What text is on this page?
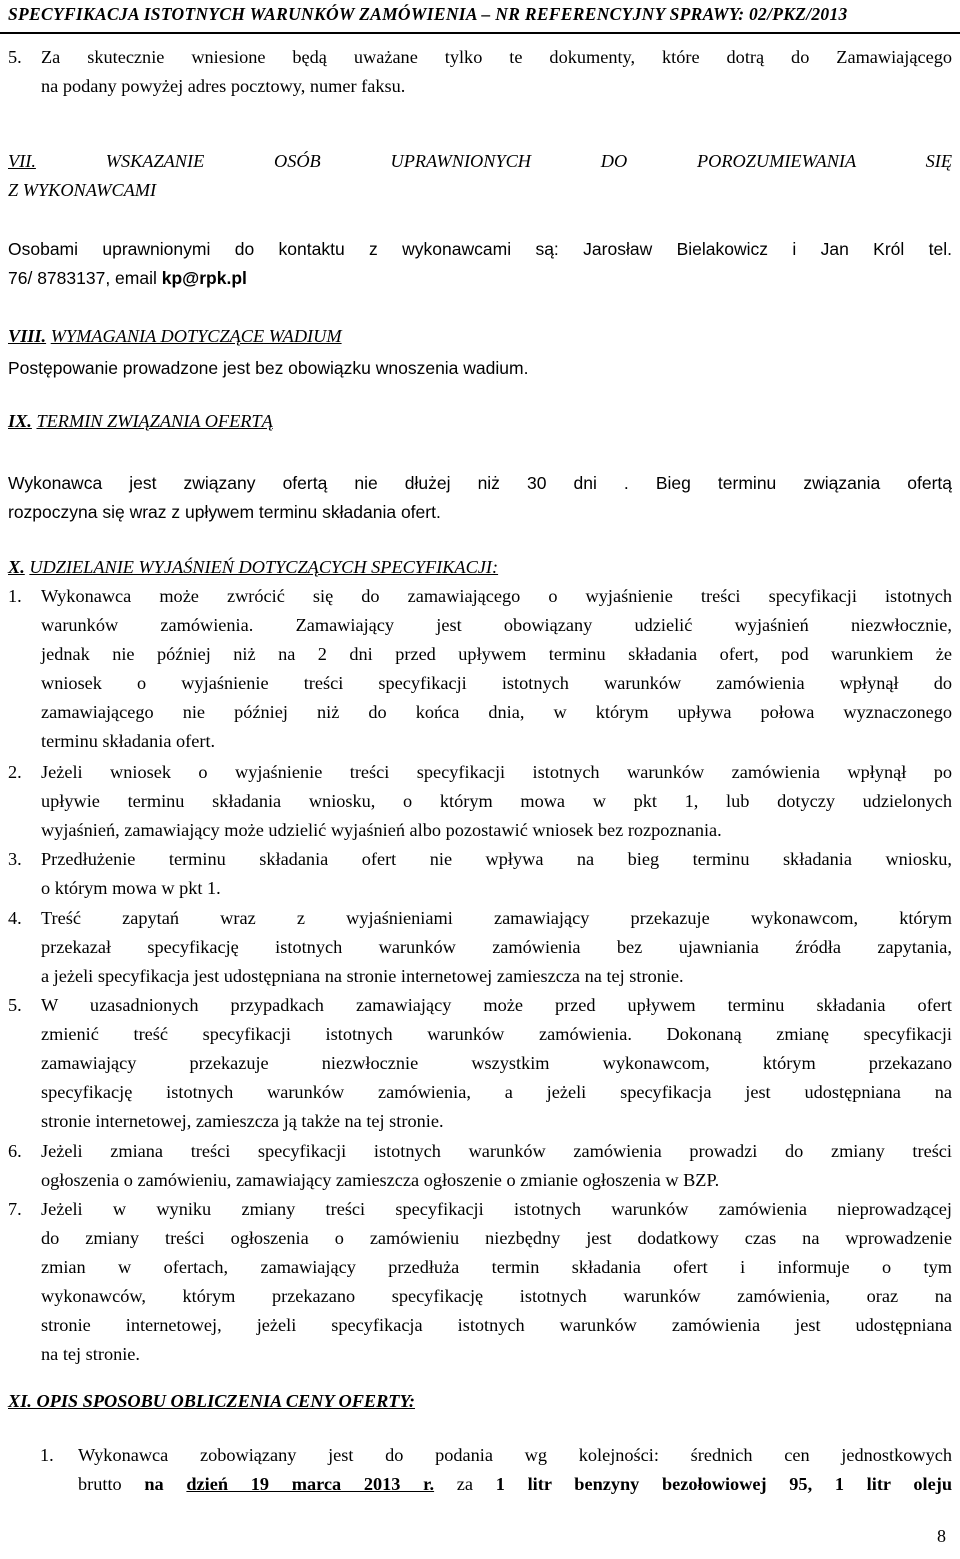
SPECYFIKACJA ISTOTNYCH WARUNKÓW ZAMÓWIENIA – NR REFERENCYJNY SPRAWY: 02/PKZ/2013
5. Za skutecznie wniesione będą uważane tylko te dokumenty, które dotrą do Zamawiającego
na podany powyżej adres pocztowy, numer faksu.
VII.	WSKAZANIE OSÓB UPRAWNIONYCH DO POROZUMIEWANIA SIĘ
Z WYKONAWCAMI
Osobami uprawnionymi do kontaktu z wykonawcami są: Jarosław Bielakowicz i Jan Król tel.
76/ 8783137, email kp@rpk.pl
VIII. WYMAGANIA DOTYCZĄCE WADIUM
Postępowanie prowadzone jest bez obowiązku wnoszenia wadium.
IX. TERMIN ZWIĄZANIA OFERTĄ
Wykonawca jest związany ofertą nie dłużej niż 30 dni . Bieg terminu związania ofertą
rozpoczyna się wraz z upływem terminu składania ofert.
X. UDZIELANIE WYJAŚNIEŃ DOTYCZĄCYCH SPECYFIKACJI:
1. Wykonawca może zwrócić się do zamawiającego o wyjaśnienie treści specyfikacji istotnych
warunków zamówienia. Zamawiający jest obowiązany udzielić wyjaśnień niezwłocznie,
jednak nie później niż na 2 dni przed upływem terminu składania ofert, pod warunkiem że
wniosek o wyjaśnienie treści specyfikacji istotnych warunków zamówienia wpłynął do
zamawiającego nie później niż do końca dnia, w którym upływa połowa wyznaczonego
terminu składania ofert.
2. Jeżeli wniosek o wyjaśnienie treści specyfikacji istotnych warunków zamówienia wpłynął po
upływie terminu składania wniosku, o którym mowa w pkt 1, lub dotyczy udzielonych
wyjaśnień, zamawiający może udzielić wyjaśnień albo pozostawić wniosek bez rozpoznania.
3. Przedłużenie terminu składania ofert nie wpływa na bieg terminu składania wniosku,
o którym mowa w pkt 1.
4. Treść zapytań wraz z wyjaśnieniami zamawiający przekazuje wykonawcom, którym
przekazał specyfikację istotnych warunków zamówienia bez ujawniania źródła zapytania,
a jeżeli specyfikacja jest udostępniana na stronie internetowej zamieszcza na tej stronie.
5. W uzasadnionych przypadkach zamawiający może przed upływem terminu składania ofert
zmienić treść specyfikacji istotnych warunków zamówienia. Dokonaną zmianę specyfikacji
zamawiający przekazuje niezwłocznie wszystkim wykonawcom, którym przekazano
specyfikację istotnych warunków zamówienia, a jeżeli specyfikacja jest udostępniana na
stronie internetowej, zamieszcza ją także na tej stronie.
6. Jeżeli zmiana treści specyfikacji istotnych warunków zamówienia prowadzi do zmiany treści
ogłoszenia o zamówieniu, zamawiający zamieszcza ogłoszenie o zmianie ogłoszenia w BZP.
7. Jeżeli w wyniku zmiany treści specyfikacji istotnych warunków zamówienia nieprowadzącej
do zmiany treści ogłoszenia o zamówieniu niezbędny jest dodatkowy czas na wprowadzenie
zmian w ofertach, zamawiający przedłuża termin składania ofert i informuje o tym
wykonawców, którym przekazano specyfikację istotnych warunków zamówienia, oraz na
stronie internetowej, jeżeli specyfikacja istotnych warunków zamówienia jest udostępniana
na tej stronie.
XI. OPIS SPOSOBU OBLICZENIA CENY OFERTY:
1. Wykonawca zobowiązany jest do podania wg kolejności: średnich cen jednostkowych
brutto na dzień 19 marca 2013 r. za 1 litr benzyny bezołowiowej 95, 1 litr oleju
8
